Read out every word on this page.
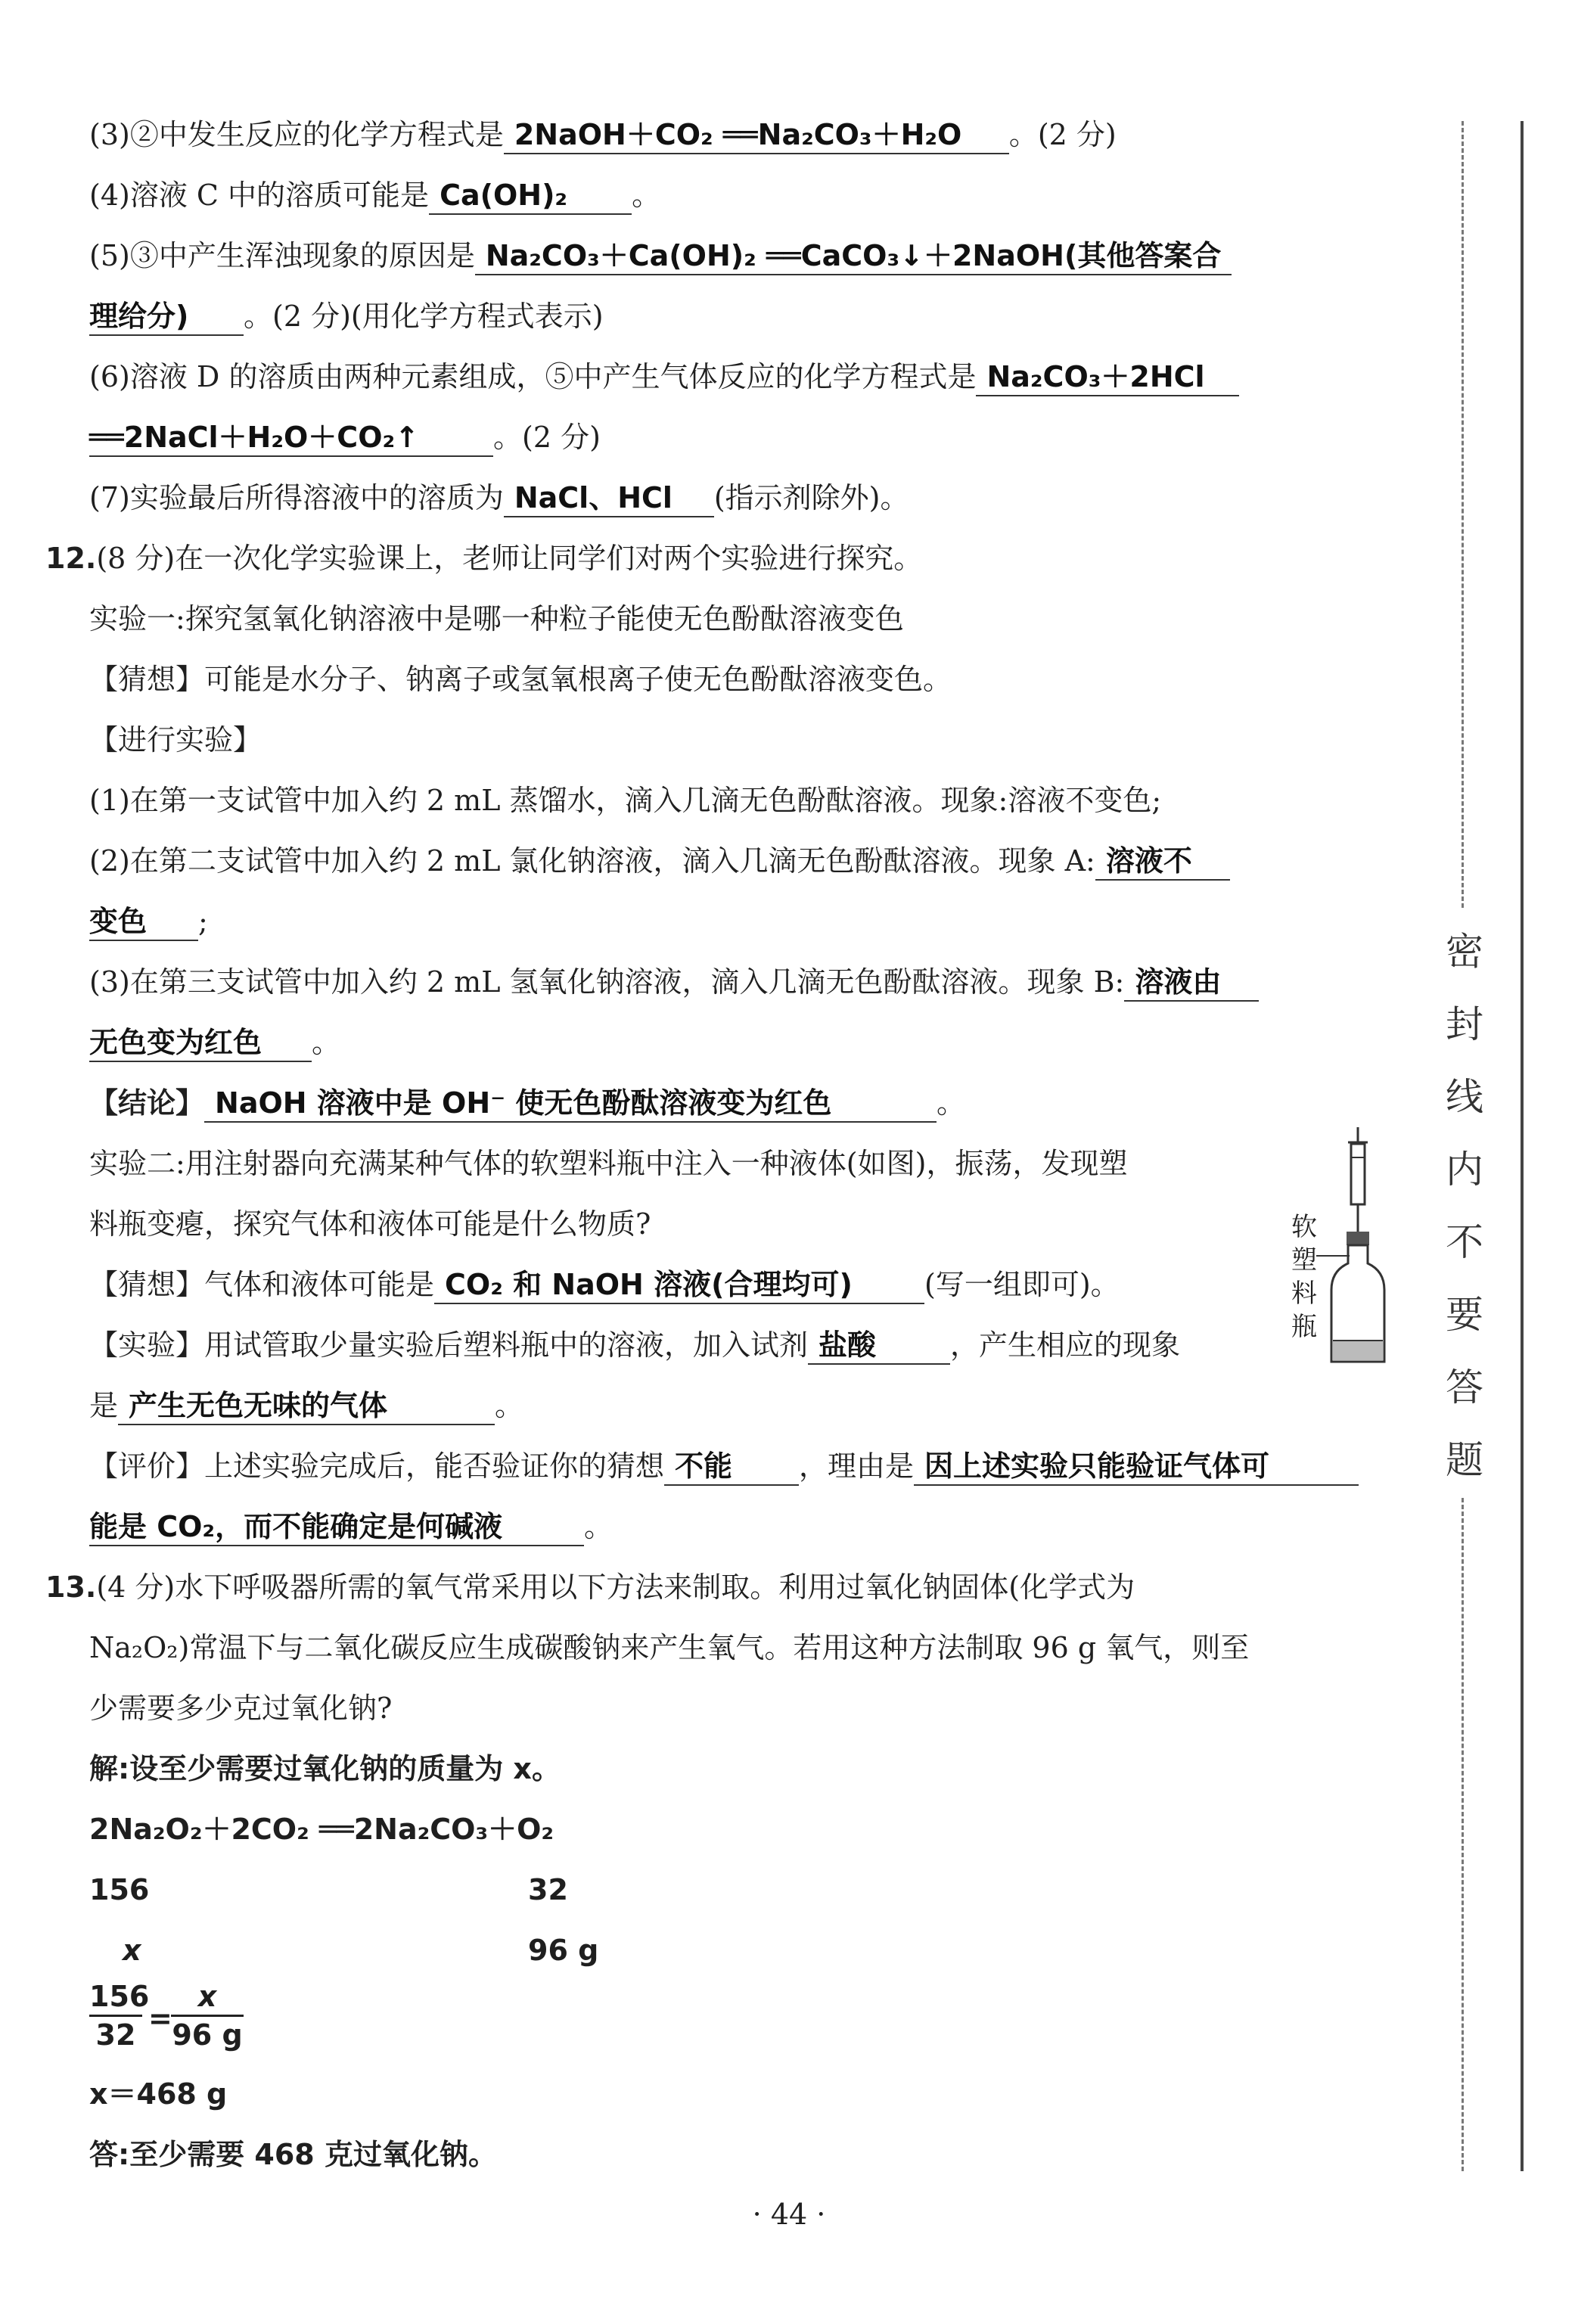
(3)②中发生反应的化学方程式是 2NaOH＋CO₂ ══Na₂CO₃＋H₂O 。(2 分)
(4)溶液 C 中的溶质可能是 Ca(OH)₂ 。
(5)③中产生浑浊现象的原因是 Na₂CO₃＋Ca(OH)₂ ══CaCO₃↓＋2NaOH(其他答案合
理给分) 。(2 分)(用化学方程式表示)
(6)溶液 D 的溶质由两种元素组成，⑤中产生气体反应的化学方程式是 Na₂CO₃＋2HCl
══2NaCl＋H₂O＋CO₂↑	。(2 分)
(7)实验最后所得溶液中的溶质为 NaCl、HCl (指示剂除外)。
12.(8 分)在一次化学实验课上，老师让同学们对两个实验进行探究。
实验一:探究氢氧化钠溶液中是哪一种粒子能使无色酚酞溶液变色
【猜想】可能是水分子、钠离子或氢氧根离子使无色酚酞溶液变色。
【进行实验】
(1)在第一支试管中加入约 2 mL 蒸馏水，滴入几滴无色酚酞溶液。现象:溶液不变色;
(2)在第二支试管中加入约 2 mL 氯化钠溶液，滴入几滴无色酚酞溶液。现象 A: 溶液不
变色 ;
(3)在第三支试管中加入约 2 mL 氢氧化钠溶液，滴入几滴无色酚酞溶液。现象 B: 溶液由
无色变为红色 。
【结论】 NaOH 溶液中是 OH⁻ 使无色酚酞溶液变为红色	。
实验二:用注射器向充满某种气体的软塑料瓶中注入一种液体(如图)，振荡，发现塑
料瓶变瘪，探究气体和液体可能是什么物质?
【猜想】气体和液体可能是 CO₂ 和 NaOH 溶液(合理均可)	(写一组即可)。
【实验】用试管取少量实验后塑料瓶中的溶液，加入试剂 盐酸	，产生相应的现象
是 产生无色无味的气体	。
【评价】上述实验完成后，能否验证你的猜想 不能 ，理由是 因上述实验只能验证气体可
能是 CO₂，而不能确定是何碱液	。
13.(4 分)水下呼吸器所需的氧气常采用以下方法来制取。利用过氧化钠固体(化学式为
Na₂O₂)常温下与二氧化碳反应生成碳酸钠来产生氧气。若用这种方法制取 96 g 氧气，则至
少需要多少克过氧化钠?
解:设至少需要过氧化钠的质量为 x。
2Na₂O₂＋2CO₂ ══2Na₂CO₃＋O₂
156	32
x	96 g
156
32 =
x
96 g
x＝468 g
答:至少需要 468 克过氧化钠。
软
塑
料
瓶
密
封
线
内
不
要
答
题
· 44 ·
